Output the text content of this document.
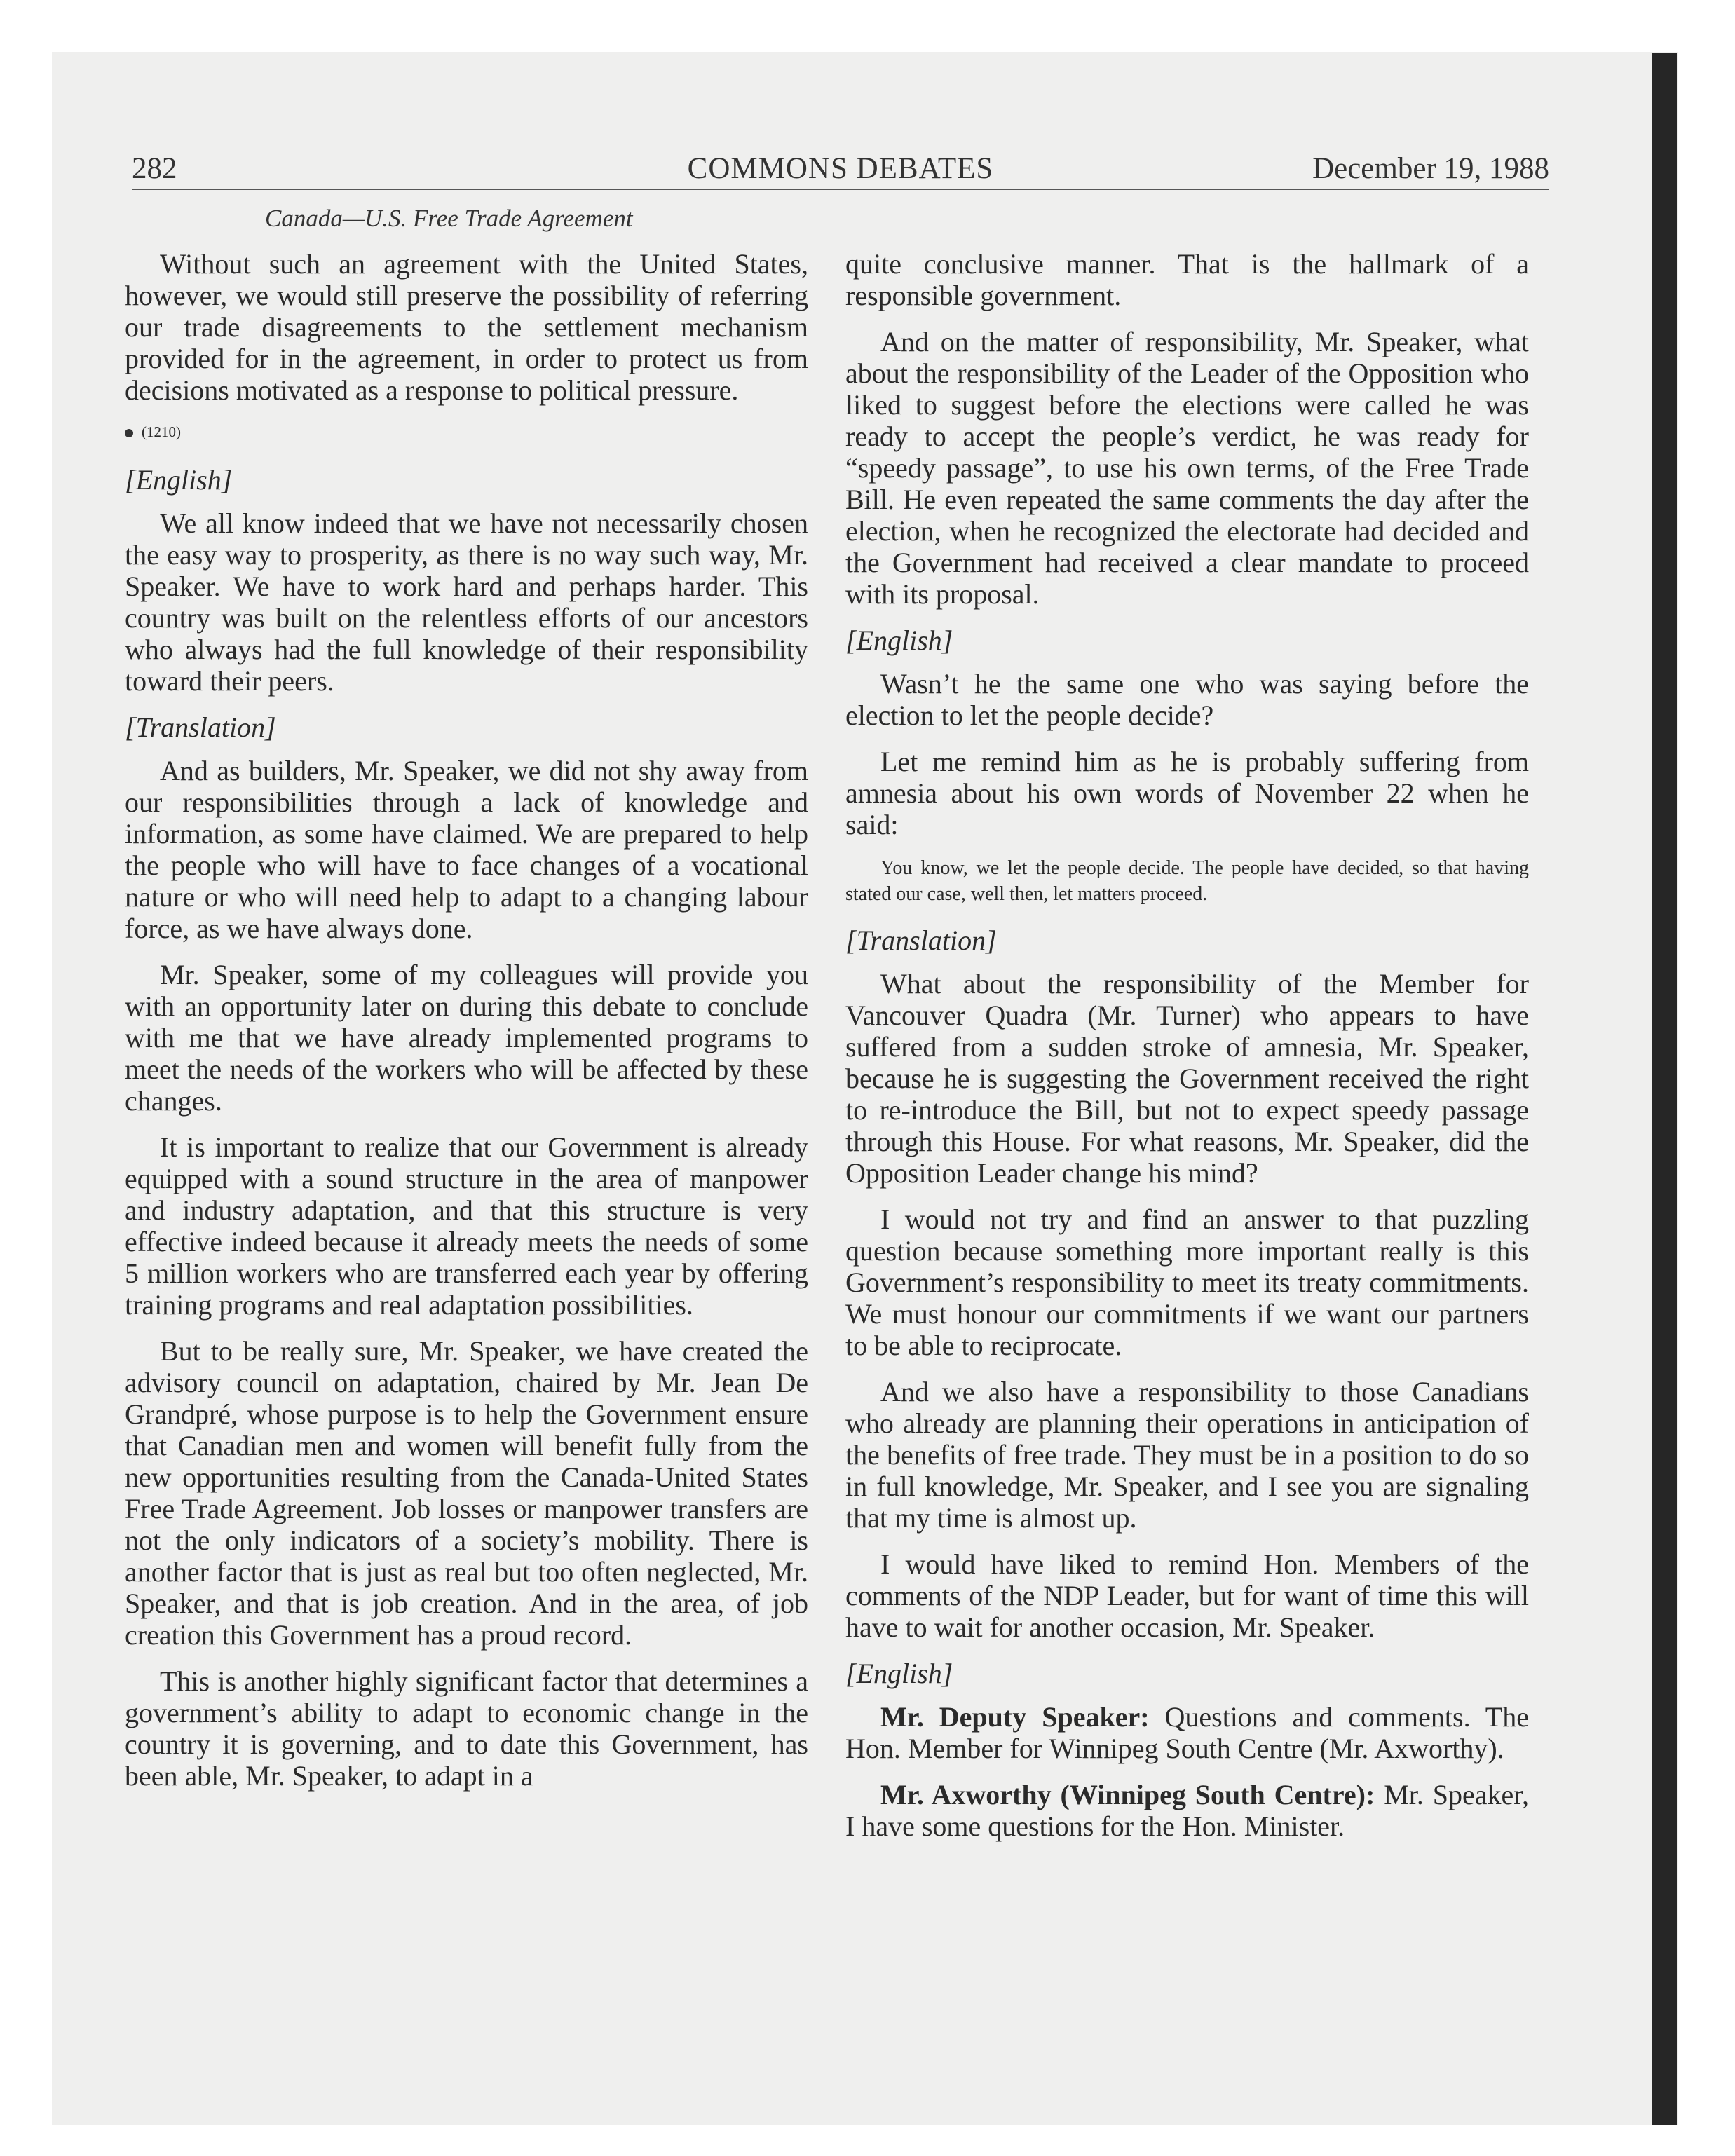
282	COMMONS DEBATES	December 19, 1988
Canada—U.S. Free Trade Agreement

Without such an agreement with the United States, however, we would still preserve the possibility of referring our trade disagreements to the settlement mechanism provided for in the agreement, in order to protect us from decisions motivated as a response to political pressure.

(1210)

[English]

We all know indeed that we have not necessarily chosen the easy way to prosperity, as there is no way such way, Mr. Speaker. We have to work hard and perhaps harder. This country was built on the relentless efforts of our ancestors who always had the full knowledge of their responsibility toward their peers.

[Translation]

And as builders, Mr. Speaker, we did not shy away from our responsibilities through a lack of knowledge and information, as some have claimed. We are prepared to help the people who will have to face changes of a vocational nature or who will need help to adapt to a changing labour force, as we have always done.

Mr. Speaker, some of my colleagues will provide you with an opportunity later on during this debate to conclude with me that we have already implemented programs to meet the needs of the workers who will be affected by these changes.

It is important to realize that our Government is already equipped with a sound structure in the area of manpower and industry adaptation, and that this structure is very effective indeed because it already meets the needs of some 5 million workers who are transferred each year by offering training programs and real adaptation possibilities.

But to be really sure, Mr. Speaker, we have created the advisory council on adaptation, chaired by Mr. Jean De Grandpré, whose purpose is to help the Government ensure that Canadian men and women will benefit fully from the new opportunities resulting from the Canada-United States Free Trade Agreement. Job losses or manpower transfers are not the only indicators of a society’s mobility. There is another factor that is just as real but too often neglected, Mr. Speaker, and that is job creation. And in the area, of job creation this Government has a proud record.

This is another highly significant factor that determines a government’s ability to adapt to economic change in the country it is governing, and to date this Government, has been able, Mr. Speaker, to adapt in a

quite conclusive manner. That is the hallmark of a responsible government.

And on the matter of responsibility, Mr. Speaker, what about the responsibility of the Leader of the Opposition who liked to suggest before the elections were called he was ready to accept the people’s verdict, he was ready for “speedy passage”, to use his own terms, of the Free Trade Bill. He even repeated the same comments the day after the election, when he recognized the electorate had decided and the Government had received a clear mandate to proceed with its proposal.

[English]

Wasn’t he the same one who was saying before the election to let the people decide?

Let me remind him as he is probably suffering from amnesia about his own words of November 22 when he said:

You know, we let the people decide. The people have decided, so that having stated our case, well then, let matters proceed.

[Translation]

What about the responsibility of the Member for Vancouver Quadra (Mr. Turner) who appears to have suffered from a sudden stroke of amnesia, Mr. Speaker, because he is suggesting the Government received the right to re-introduce the Bill, but not to expect speedy passage through this House. For what reasons, Mr. Speaker, did the Opposition Leader change his mind?

I would not try and find an answer to that puzzling question because something more important really is this Government’s responsibility to meet its treaty commitments. We must honour our commitments if we want our partners to be able to reciprocate.

And we also have a responsibility to those Canadians who already are planning their operations in anticipation of the benefits of free trade. They must be in a position to do so in full knowledge, Mr. Speaker, and I see you are signaling that my time is almost up.

I would have liked to remind Hon. Members of the comments of the NDP Leader, but for want of time this will have to wait for another occasion, Mr. Speaker.

[English]

Mr. Deputy Speaker: Questions and comments. The Hon. Member for Winnipeg South Centre (Mr. Axworthy).

Mr. Axworthy (Winnipeg South Centre): Mr. Speaker, I have some questions for the Hon. Minister.
